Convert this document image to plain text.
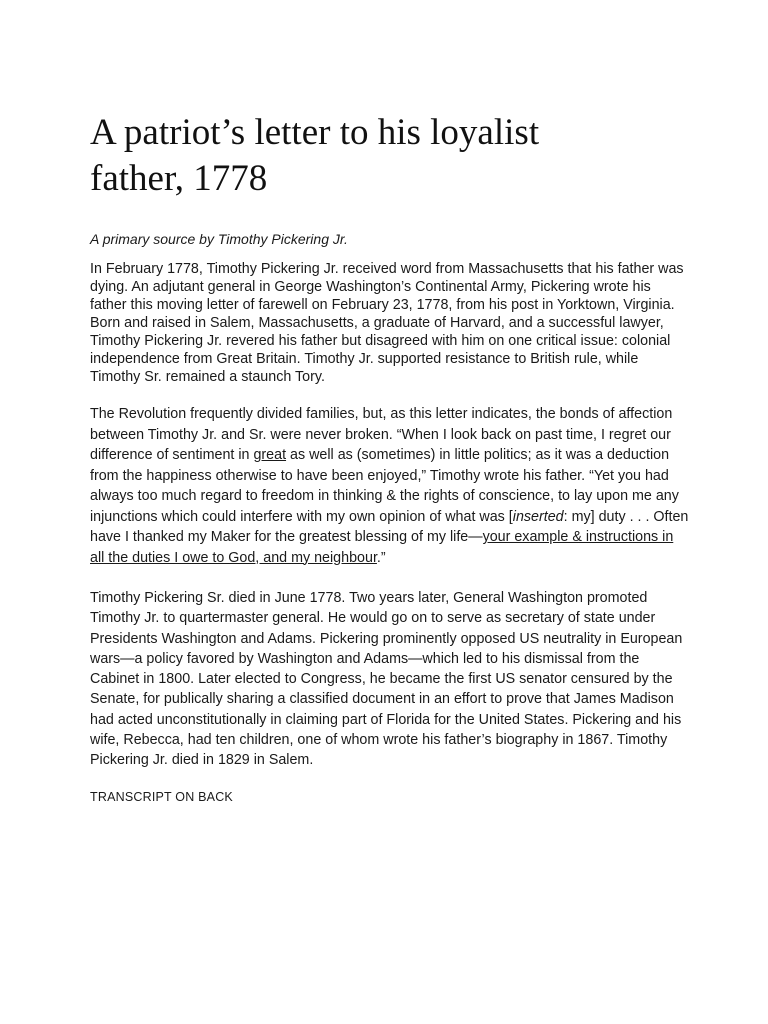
A patriot’s letter to his loyalist father, 1778

A primary source by Timothy Pickering Jr.

In February 1778, Timothy Pickering Jr. received word from Massachusetts that his father was dying. An adjutant general in George Washington’s Continental Army, Pickering wrote his father this moving letter of farewell on February 23, 1778, from his post in Yorktown, Virginia. Born and raised in Salem, Massachusetts, a graduate of Harvard, and a successful lawyer, Timothy Pickering Jr. revered his father but disagreed with him on one critical issue: colonial independence from Great Britain. Timothy Jr. supported resistance to British rule, while Timothy Sr. remained a staunch Tory.

The Revolution frequently divided families, but, as this letter indicates, the bonds of affection between Timothy Jr. and Sr. were never broken. “When I look back on past time, I regret our difference of sentiment in great as well as (sometimes) in little politics; as it was a deduction from the happiness otherwise to have been enjoyed,” Timothy wrote his father. “Yet you had always too much regard to freedom in thinking & the rights of conscience, to lay upon me any injunctions which could interfere with my own opinion of what was [inserted: my] duty . . . Often have I thanked my Maker for the greatest blessing of my life—your example & instructions in all the duties I owe to God, and my neighbour.”

Timothy Pickering Sr. died in June 1778. Two years later, General Washington promoted Timothy Jr. to quartermaster general. He would go on to serve as secretary of state under Presidents Washington and Adams. Pickering prominently opposed US neutrality in European wars—a policy favored by Washington and Adams—which led to his dismissal from the Cabinet in 1800. Later elected to Congress, he became the first US senator censured by the Senate, for publically sharing a classified document in an effort to prove that James Madison had acted unconstitutionally in claiming part of Florida for the United States. Pickering and his wife, Rebecca, had ten children, one of whom wrote his father’s biography in 1867. Timothy Pickering Jr. died in 1829 in Salem.

TRANSCRIPT ON BACK
